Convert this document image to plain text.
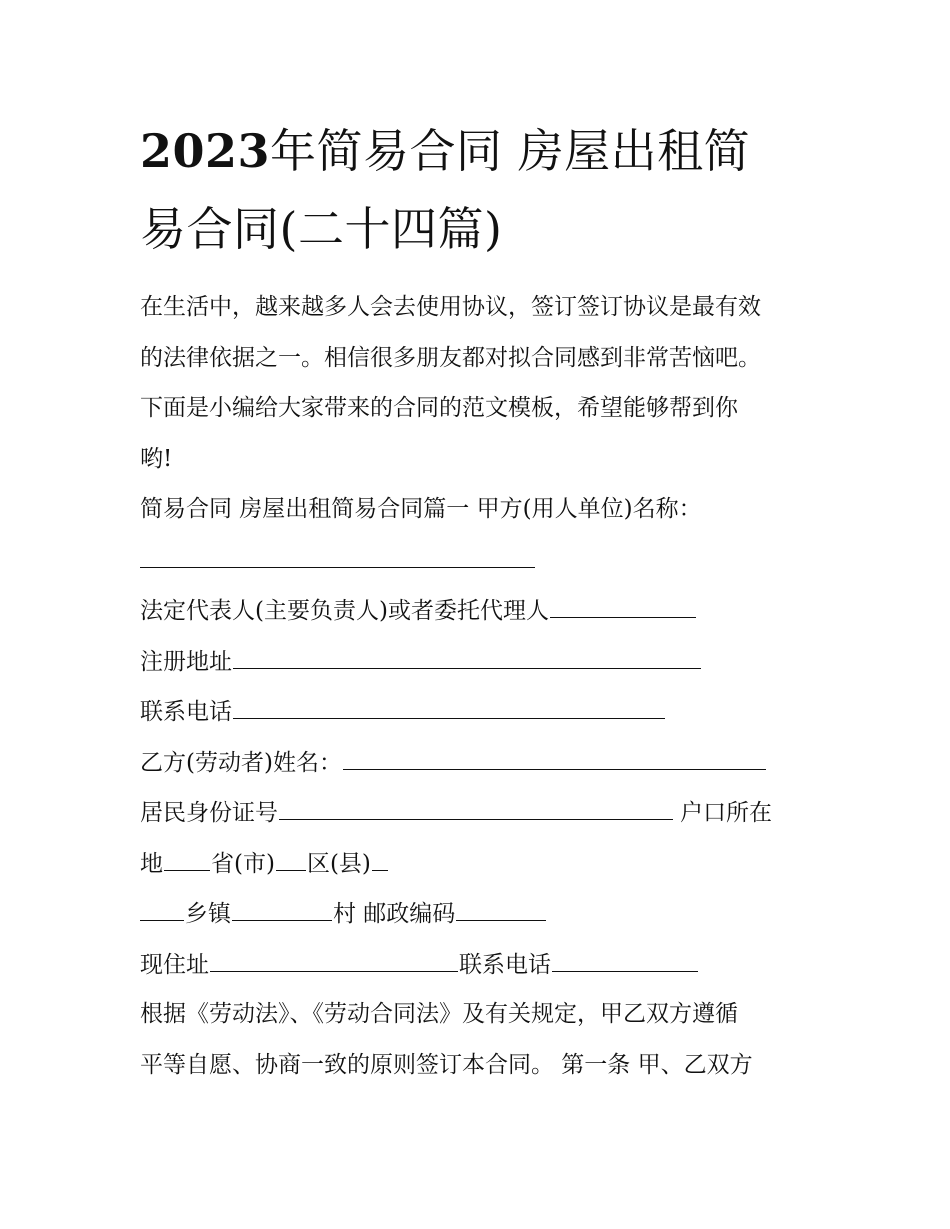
2023年简易合同 房屋出租简
易合同(二十四篇)
在生活中，越来越多人会去使用协议，签订签订协议是最有效
的法律依据之一。相信很多朋友都对拟合同感到非常苦恼吧。
下面是小编给大家带来的合同的范文模板，希望能够帮到你
哟!
简易合同 房屋出租简易合同篇一 甲方(用人单位)名称：
法定代表人(主要负责人)或者委托代理人
注册地址
联系电话
乙方(劳动者)姓名：
居民身份证号	户口所在
地 省(市) 区(县)
乡镇	村 邮政编码
现住址	联系电话
根据《劳动法》、《劳动合同法》及有关规定，甲乙双方遵循
平等自愿、协商一致的原则签订本合同。 第一条 甲、乙双方
